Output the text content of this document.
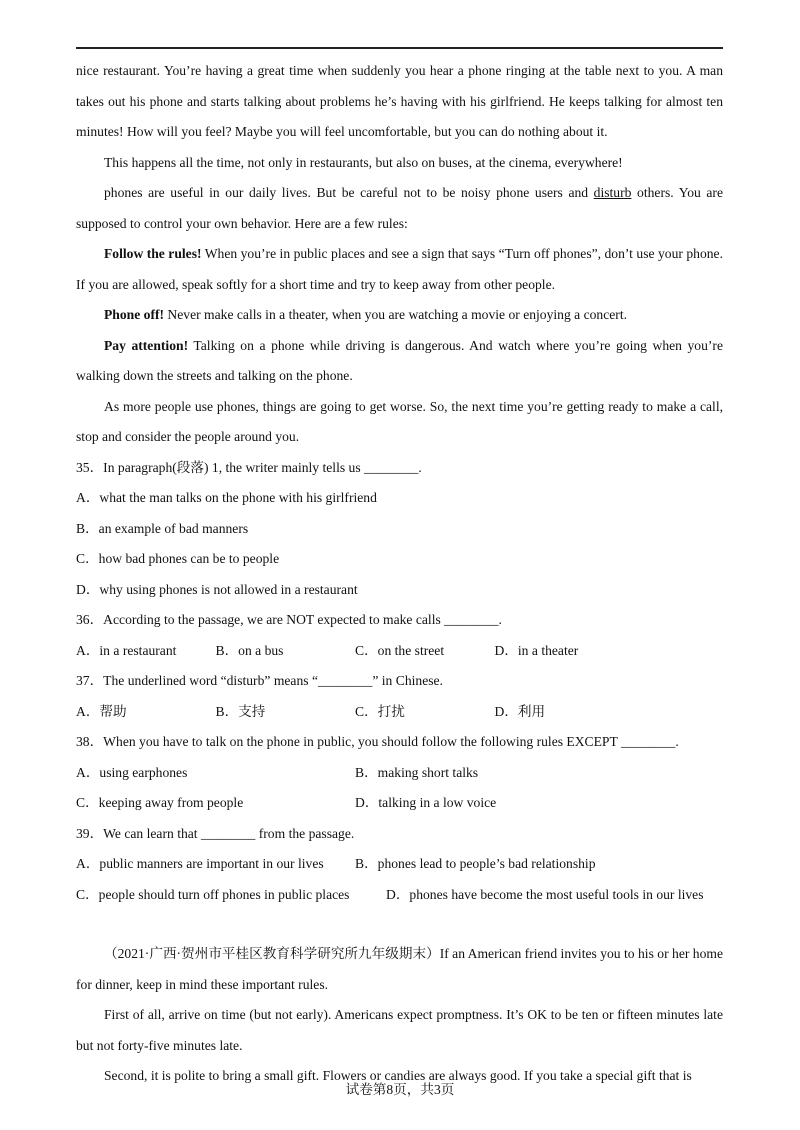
nice restaurant. You’re having a great time when suddenly you hear a phone ringing at the table next to you. A man takes out his phone and starts talking about problems he’s having with his girlfriend. He keeps talking for almost ten minutes! How will you feel? Maybe you will feel uncomfortable, but you can do nothing about it.

This happens all the time, not only in restaurants, but also on buses, at the cinema, everywhere!

phones are useful in our daily lives. But be careful not to be noisy phone users and disturb others. You are supposed to control your own behavior. Here are a few rules:

Follow the rules! When you’re in public places and see a sign that says “Turn off phones”, don’t use your phone. If you are allowed, speak softly for a short time and try to keep away from other people.

Phone off! Never make calls in a theater, when you are watching a movie or enjoying a concert.

Pay attention! Talking on a phone while driving is dangerous. And watch where you’re going when you’re walking down the streets and talking on the phone.

As more people use phones, things are going to get worse. So, the next time you’re getting ready to make a call, stop and consider the people around you.

35．In paragraph(段落) 1, the writer mainly tells us ________.

A．what the man talks on the phone with his girlfriend

B．an example of bad manners

C．how bad phones can be to people

D．why using phones is not allowed in a restaurant

36．According to the passage, we are NOT expected to make calls ________.

A．in a restaurant	B．on a bus	C．on the street	D．in a theater

37．The underlined word “disturb” means “________” in Chinese.

A．帮助	B．支持	C．打扰	D．利用

38．When you have to talk on the phone in public, you should follow the following rules EXCEPT ________.

A．using earphones	B．making short talks
C．keeping away from people	D．talking in a low voice

39．We can learn that ________ from the passage.

A．public manners are important in our lives	B．phones lead to people’s bad relationship
C．people should turn off phones in public places	D．phones have become the most useful tools in our lives

（2021·广西·贺州市平桂区教育科学研究所九年级期末）If an American friend invites you to his or her home for dinner, keep in mind these important rules.

First of all, arrive on time (but not early). Americans expect promptness. It’s OK to be ten or fifteen minutes late but not forty-five minutes late.

Second, it is polite to bring a small gift. Flowers or candies are always good. If you take a special gift that is

试卷第8页，共3页
